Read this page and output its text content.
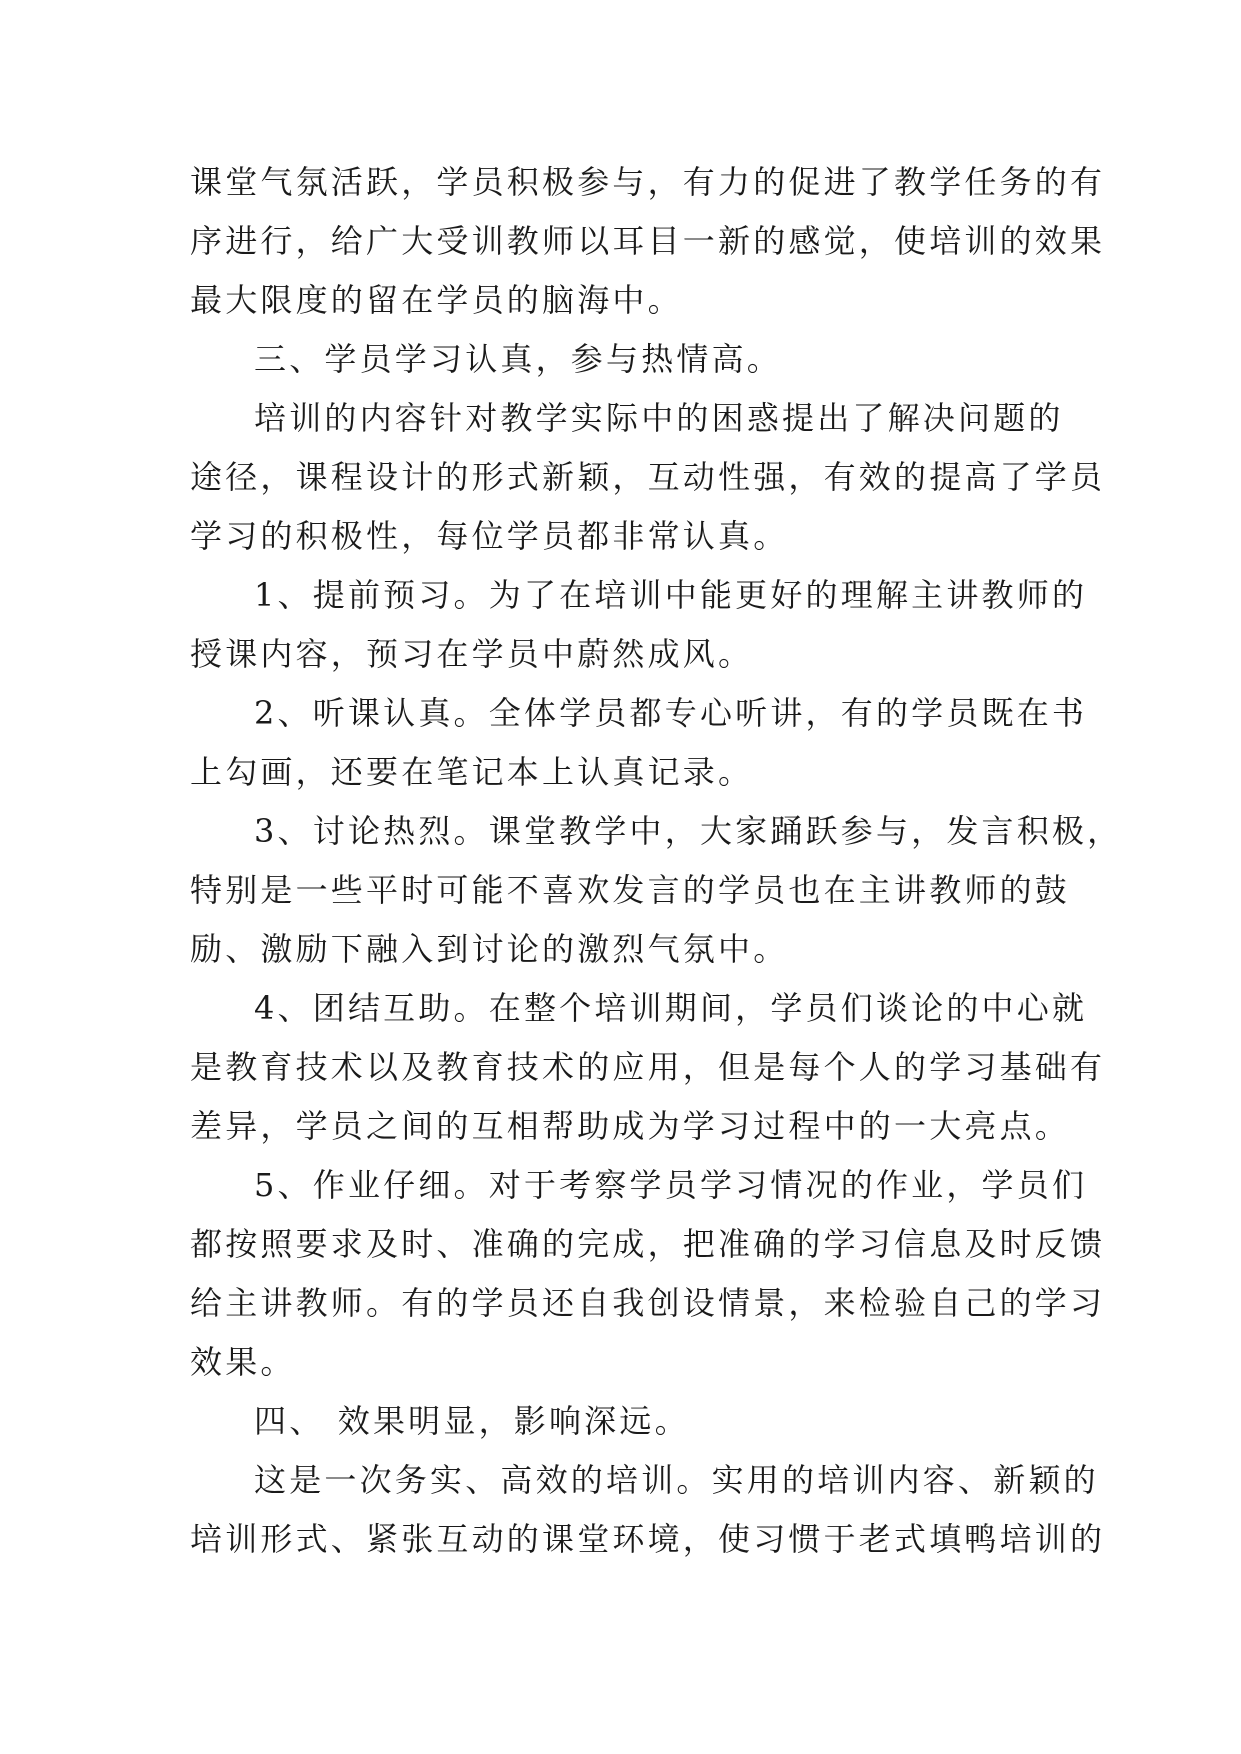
课堂气氛活跃，学员积极参与，有力的促进了教学任务的有
序进行，给广大受训教师以耳目一新的感觉，使培训的效果
最大限度的留在学员的脑海中。
三、学员学习认真，参与热情高。
培训的内容针对教学实际中的困惑提出了解决问题的
途径，课程设计的形式新颖，互动性强，有效的提高了学员
学习的积极性，每位学员都非常认真。
1、提前预习。为了在培训中能更好的理解主讲教师的
授课内容，预习在学员中蔚然成风。
2、听课认真。全体学员都专心听讲，有的学员既在书
上勾画，还要在笔记本上认真记录。
3、讨论热烈。课堂教学中，大家踊跃参与，发言积极，
特别是一些平时可能不喜欢发言的学员也在主讲教师的鼓
励、激励下融入到讨论的激烈气氛中。
4、团结互助。在整个培训期间，学员们谈论的中心就
是教育技术以及教育技术的应用，但是每个人的学习基础有
差异，学员之间的互相帮助成为学习过程中的一大亮点。
5、作业仔细。对于考察学员学习情况的作业，学员们
都按照要求及时、准确的完成，把准确的学习信息及时反馈
给主讲教师。有的学员还自我创设情景，来检验自己的学习
效果。
四、 效果明显，影响深远。
这是一次务实、高效的培训。实用的培训内容、新颖的
培训形式、紧张互动的课堂环境，使习惯于老式填鸭培训的
